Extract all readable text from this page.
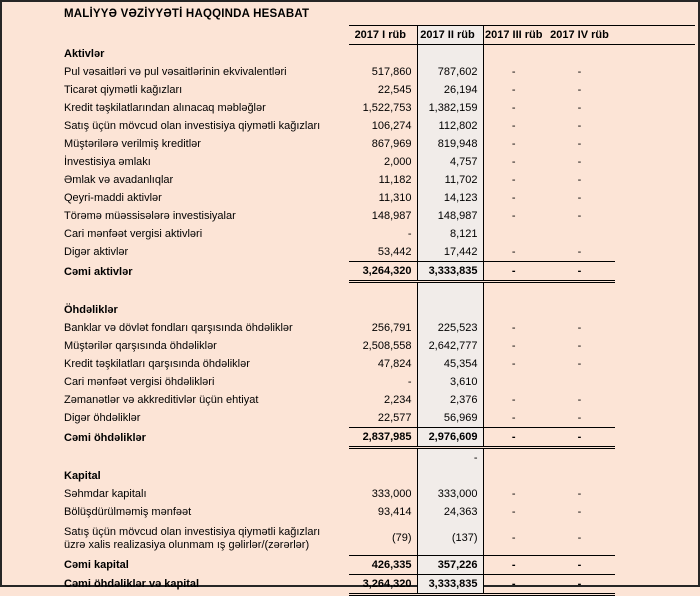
MALİYYƏ VƏZİYYƏTİ HAQQINDA HESABAT
	2017 I rüb	2017 II rüb	2017 III rüb	2017 IV rüb	
Aktivlər					
Pul vəsaitləri və pul vəsaitlərinin ekvivalentləri	517,860	787,602	-	-	
Ticarət qiymətli kağızları	22,545	26,194	-	-	
Kredit təşkilatlarından alınacaq məbləğlər	1,522,753	1,382,159	-	-	
Satış üçün mövcud olan investisiya qiymətli kağızları	106,274	112,802	-	-	
Müştərilərə verilmiş kreditlər	867,969	819,948	-	-	
İnvestisiya əmlakı	2,000	4,757	-	-	
Əmlak və avadanlıqlar	11,182	11,702	-	-	
Qeyri-maddi aktivlər	11,310	14,123	-	-	
Törəmə müəssisələrə investisiyalar	148,987	148,987	-	-	
Cari mənfəət vergisi aktivləri	-	8,121			
Digər aktivlər	53,442	17,442	-	-	
Cəmi aktivlər	3,264,320	3,333,835	-	-	

Öhdəliklər					
Banklar və dövlət fondları qarşısında öhdəliklər	256,791	225,523	-	-	
Müştərilər qarşısında öhdəliklər	2,508,558	2,642,777	-	-	
Kredit təşkilatları qarşısında öhdəliklər	47,824	45,354	-	-	
Cari mənfəət vergisi öhdəlikləri	-	3,610			
Zəmanətlər və akkreditivlər üçün ehtiyat	2,234	2,376	-	-	
Digər öhdəliklər	22,577	56,969	-	-	
Cəmi öhdəliklər	2,837,985	2,976,609	-	-	
		-			
Kapital					
Səhmdar kapitalı	333,000	333,000	-	-	
Bölüşdürülməmiş mənfəət	93,414	24,363	-	-	
Satış üçün mövcud olan investisiya qiymətli kağızları üzrə xalis realizasiya olunmam ış gəlirlər/(zərərlər)	(79)	(137)	-	-	
Cəmi kapital	426,335	357,226	-	-	
Cəmi öhdəliklər və kapital	3,264,320	3,333,835	-	-	
